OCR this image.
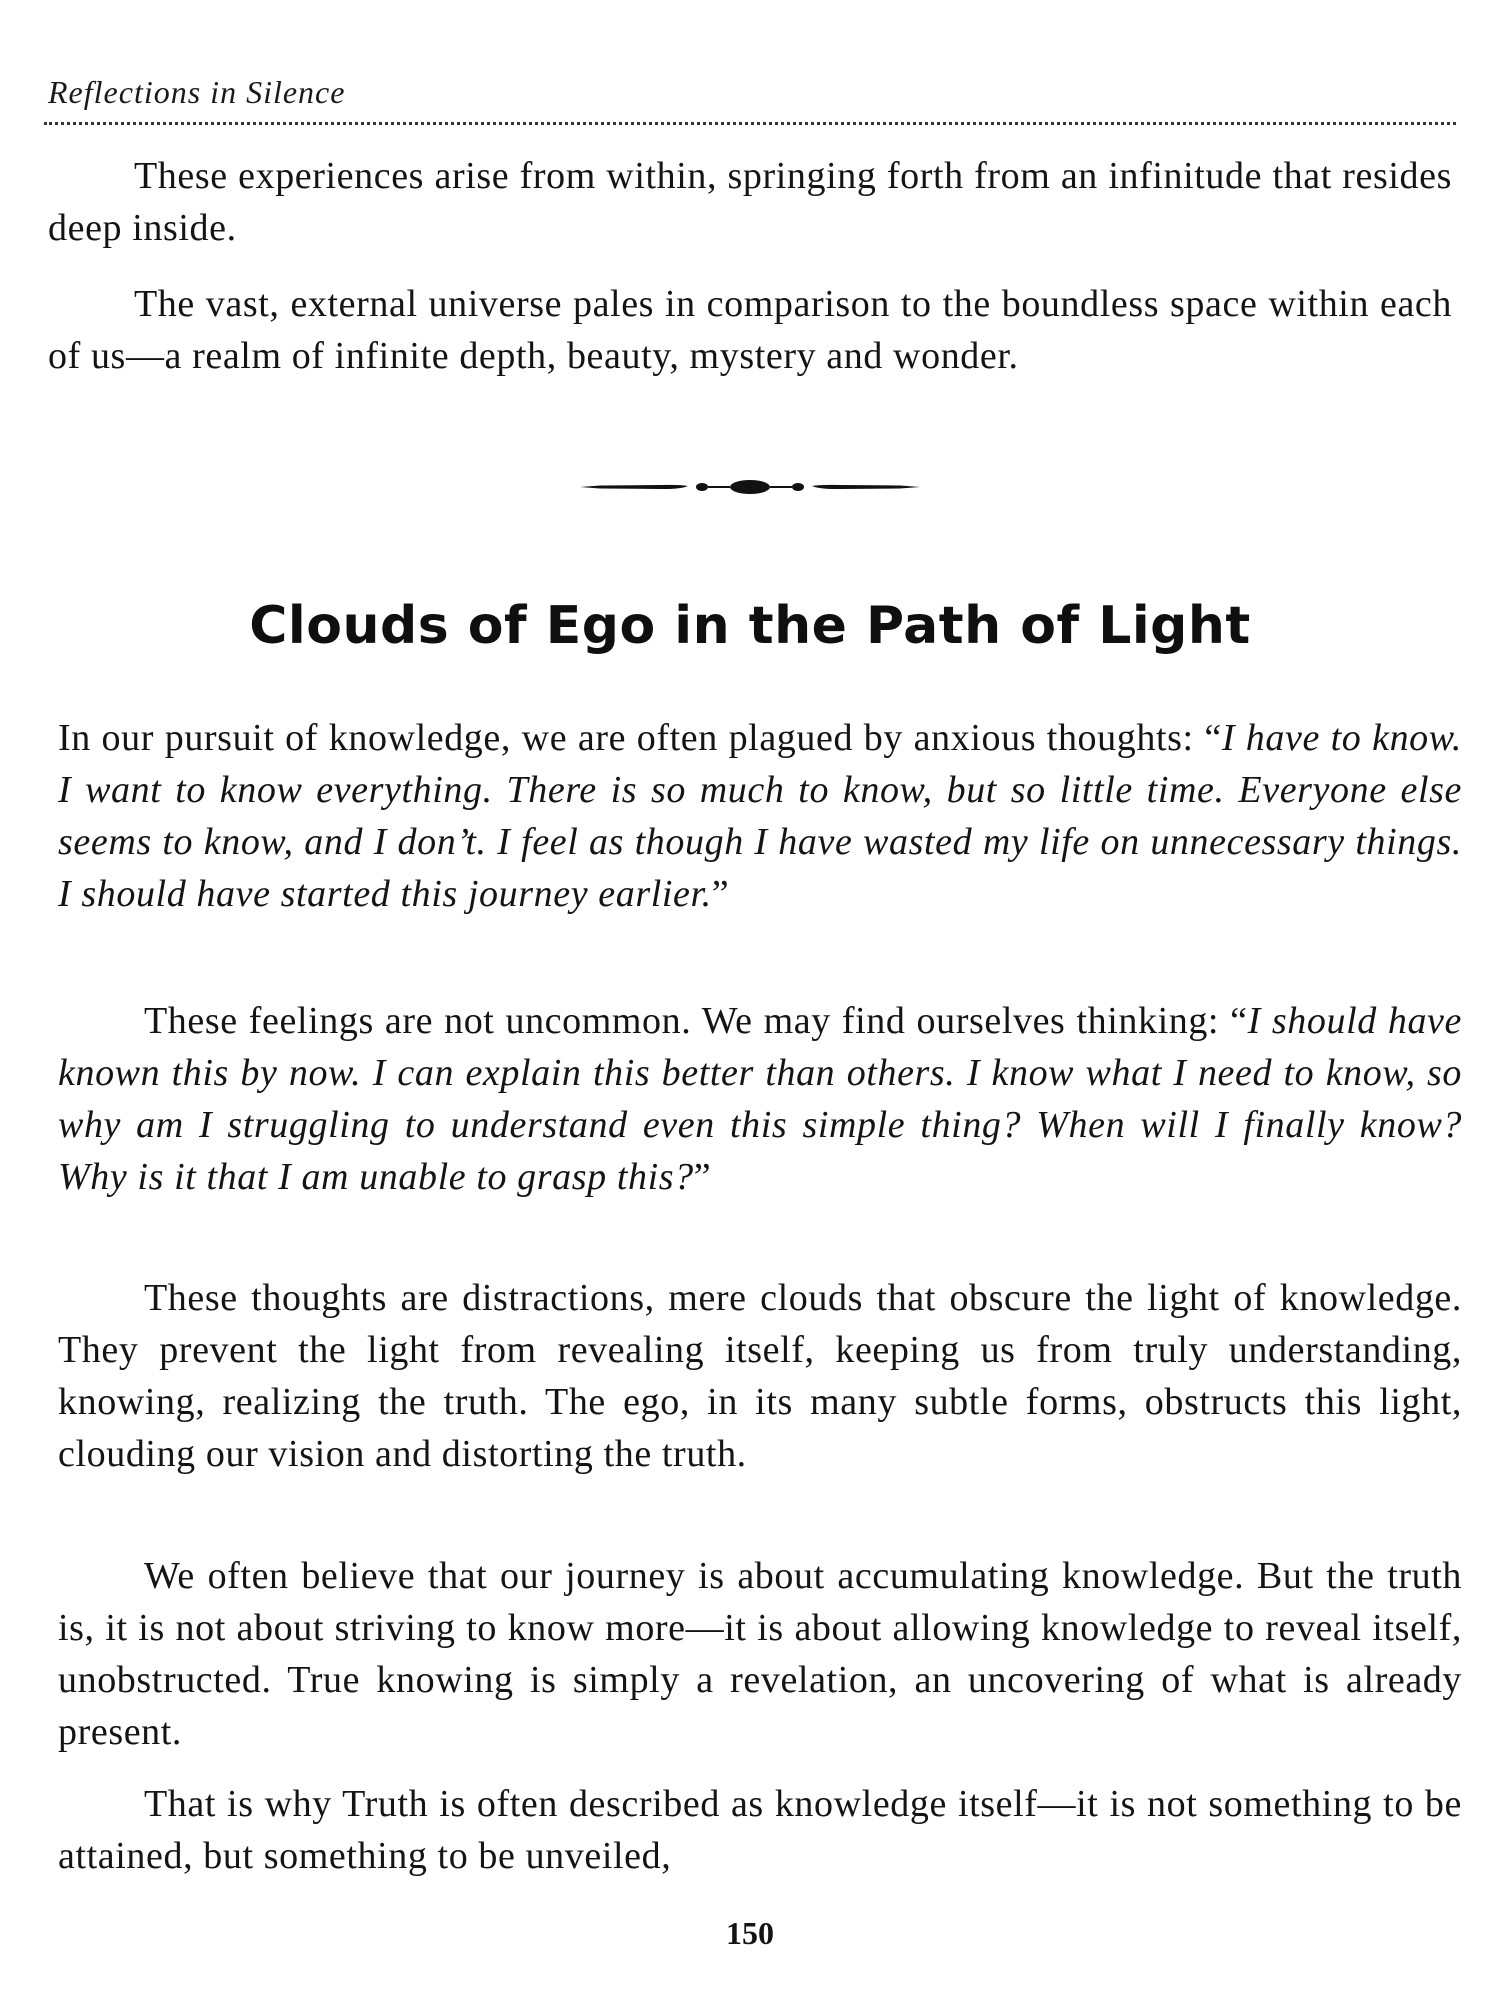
Reflections in Silence

These experiences arise from within, springing forth from an infinitude that resides deep inside.

The vast, external universe pales in comparison to the boundless space within each of us—a realm of infinite depth, beauty, mystery and wonder.

Clouds of Ego in the Path of Light

In our pursuit of knowledge, we are often plagued by anxious thoughts: “I have to know. I want to know everything. There is so much to know, but so little time. Everyone else seems to know, and I don’t. I feel as though I have wasted my life on unnecessary things. I should have started this journey earlier.”

These feelings are not uncommon. We may find ourselves thinking: “I should have known this by now. I can explain this better than others. I know what I need to know, so why am I struggling to understand even this simple thing? When will I finally know? Why is it that I am unable to grasp this?”

These thoughts are distractions, mere clouds that obscure the light of knowledge. They prevent the light from revealing itself, keeping us from truly understanding, knowing, realizing the truth. The ego, in its many subtle forms, obstructs this light, clouding our vision and distorting the truth.

We often believe that our journey is about accumulating knowledge. But the truth is, it is not about striving to know more—it is about allowing knowledge to reveal itself, unobstructed. True knowing is simply a revelation, an uncovering of what is already present.

That is why Truth is often described as knowledge itself—it is not something to be attained, but something to be unveiled,

150
